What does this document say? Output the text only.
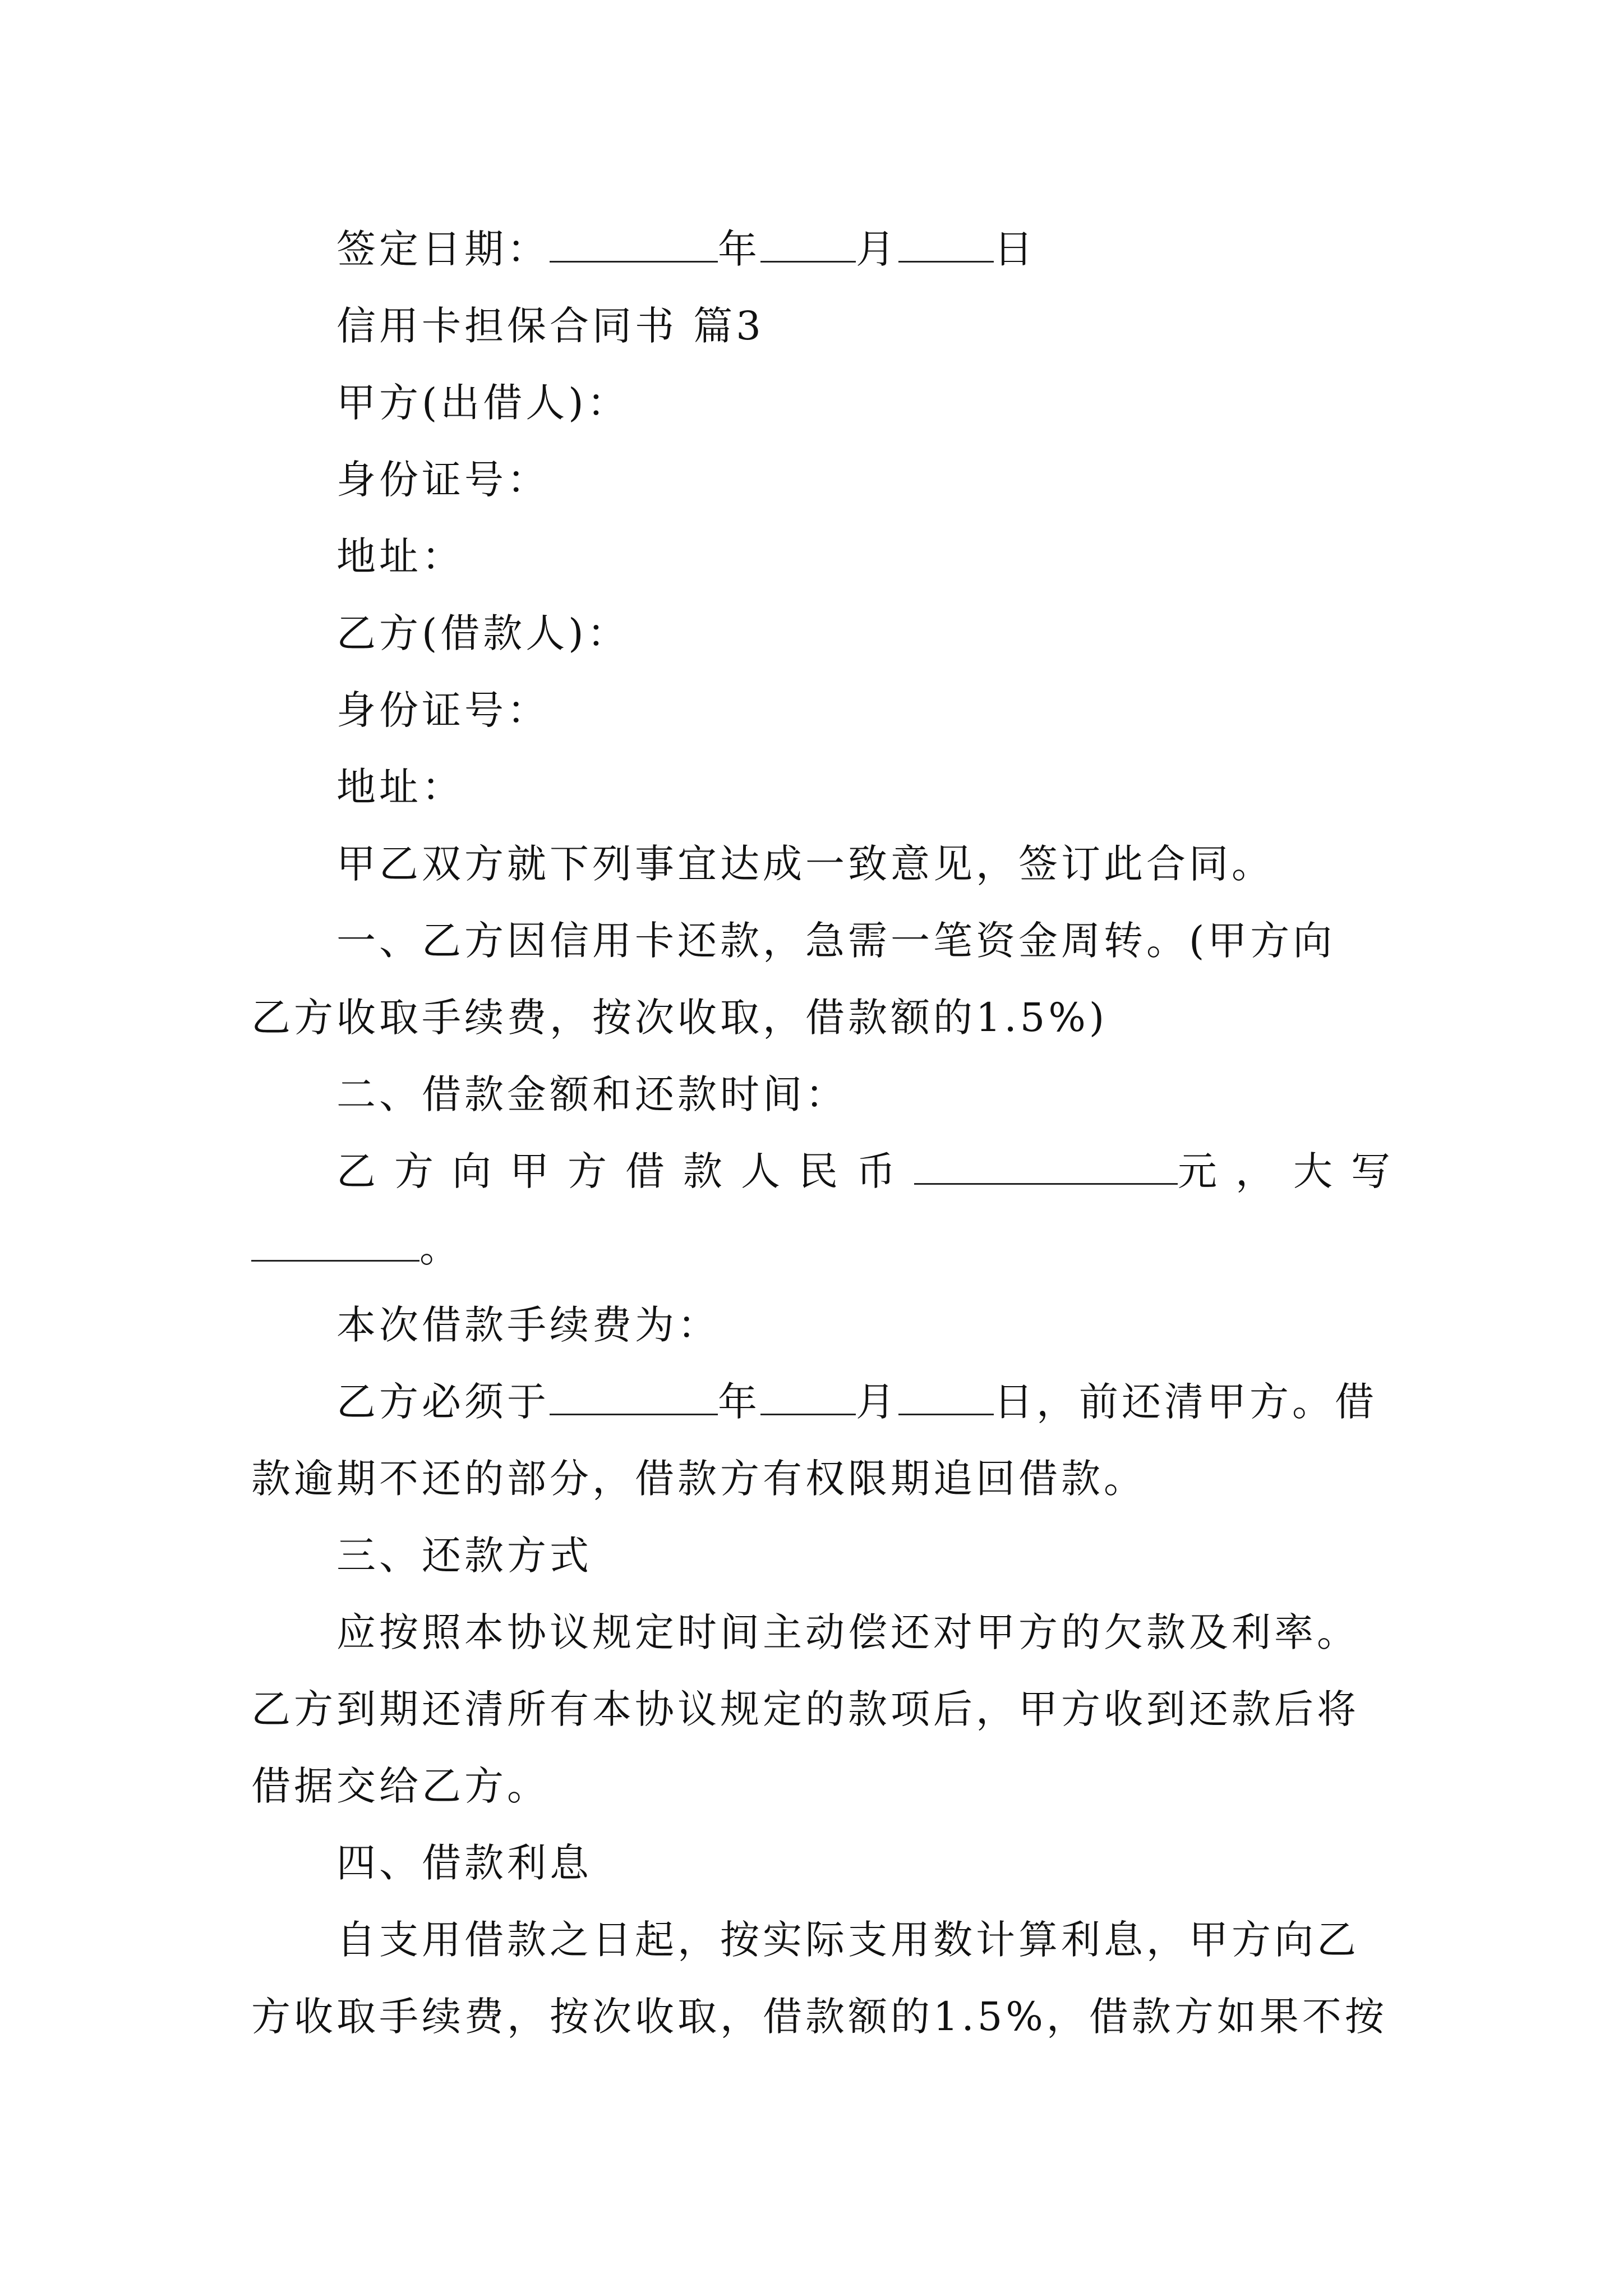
签定日期：	年 月 日
信用卡担保合同书 篇3
甲方(出借人)：
身份证号：
地址：
乙方(借款人)：
身份证号：
地址：
甲乙双方就下列事宜达成一致意见，签订此合同。
一、乙方因信用卡还款，急需一笔资金周转。(甲方向
乙方收取手续费，按次收取，借款额的1.5%)
二、借款金额和还款时间：
乙方向甲方借款人民币	元，大写
。
本次借款手续费为：
乙方必须于	年 月 日，前还清甲方。借
款逾期不还的部分，借款方有权限期追回借款。
三、还款方式
应按照本协议规定时间主动偿还对甲方的欠款及利率。
乙方到期还清所有本协议规定的款项后，甲方收到还款后将
借据交给乙方。
四、借款利息
自支用借款之日起，按实际支用数计算利息，甲方向乙
方收取手续费，按次收取，借款额的1.5%，借款方如果不按
